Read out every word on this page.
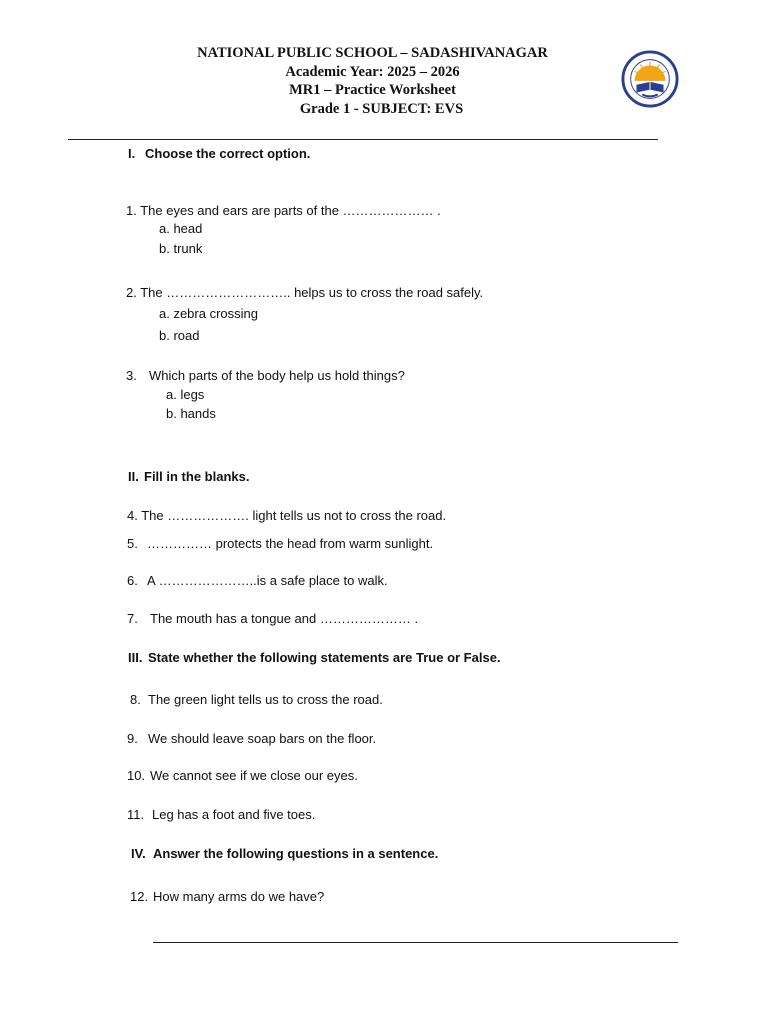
NATIONAL PUBLIC SCHOOL – SADASHIVANAGAR
Academic Year: 2025 – 2026
MR1 – Practice Worksheet
Grade 1 - SUBJECT: EVS
I. Choose the correct option.
1. The eyes and ears are parts of the ………………… .
a. head
b. trunk
2. The ……………………….. helps us to cross the road safely.
a. zebra crossing
b. road
3. Which parts of the body help us hold things?
a. legs
b. hands
II. Fill in the blanks.
4. The ………………. light tells us not to cross the road.
5. …………… protects the head from warm sunlight.
6. A …………………..is a safe place to walk.
7. The mouth has a tongue and ………………… .
III. State whether the following statements are True or False.
8. The green light tells us to cross the road.
9. We should leave soap bars on the floor.
10. We cannot see if we close our eyes.
11. Leg has a foot and five toes.
IV. Answer the following questions in a sentence.
12. How many arms do we have?
